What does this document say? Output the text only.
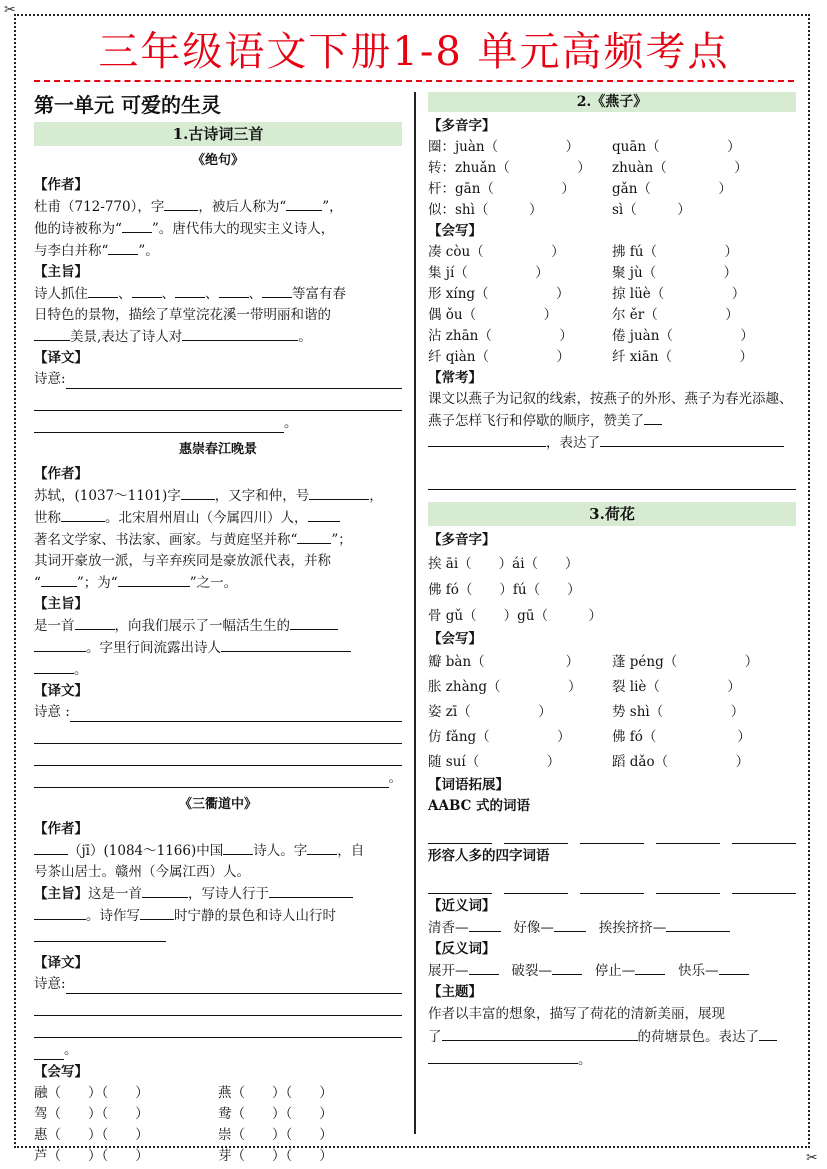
✂
✂
三年级语文下册1-8 单元高频考点
第一单元 可爱的生灵
1.古诗词三首
《绝句》
【作者】

杜甫（712-770），字	，被后人称为“	”，
他的诗被称为“ ”。唐代伟大的现实主义诗人，
与李白并称“ ”。

【主旨】

诗人抓住 、 、 、 、 等富有春
日特色的景物，描绘了草堂浣花溪一带明丽和谐的
美景,表达了诗人对	。

【译文】
诗意:
。
惠崇春江晚景
【作者】

苏轼，(1037～1101)字	，又字和仲，号	，
世称	。北宋眉州眉山（今属四川）人，
著名文学家、书法家、画家。与黄庭坚并称“	”；
其词开豪放一派，与辛弃疾同是豪放派代表，并称
“	”；为“	”之一。

【主旨】

是一首	，向我们展示了一幅活生生的
。字里行间流露出诗人
。

【译文】
诗意 :
。
《三衢道中》
【作者】

（jī）(1084～1166)中国 诗人。字 ，自
号茶山居士。赣州（今属江西）人。

【主旨】这是一首	，写诗人行于
。诗作写	时宁静的景色和诗人山行时

【译文】
诗意:
。
【会写】
融（　　）（　　）	燕（　　）（　　）
驾（　　）（　　）	鸯（　　）（　　）
惠（　　）（　　）	崇（　　）（　　）
芦（　　）（　　）	芽（　　）（　　）
2.《燕子》
【多音字】
圈：juàn（　　　　　）	quān（　　　　　）
转：zhuǎn（　　　　　）	zhuàn（　　　　　）
杆：gān（　　　　　）	gǎn（　　　　　）
似：shì（　　　）	sì（　　　）
【会写】
凑 còu（　　　　　）	拂 fú（　　　　　）
集 jí（　　　　　）	聚 jù（　　　　　）
形 xíng（　　　　　）	掠 lüè（　　　　　）
偶 ǒu（　　　　　）	尔 ěr（　　　　　）
沾 zhān（　　　　　）	倦 juàn（　　　　　）
纤 qiàn（　　　　　）	纤 xiān（　　　　　）
【常考】

课文以燕子为记叙的线索，按燕子的外形、燕子为春光添趣、燕子怎样飞行和停歇的顺序，赞美了
，表达了

3.荷花
【多音字】
挨 āi（　　）ái（　　）
佛 fó（　　）fú（　　）
骨 gǔ（　　）gū（　　　）
【会写】
瓣 bàn（　　　　　　）	蓬 péng（　　　　　）
胀 zhàng（　　　　　）	裂 liè（　　　　　）
姿 zī（　　　　　）	势 shì（　　　　　）
仿 fǎng（　　　　　）	佛 fó（　　　　　　）
随 suí（　　　　　）	蹈 dǎo（　　　　　）
【词语拓展】
AABC 式的词语
形容人多的四字词语
【近义词】

清香—	好像—	挨挨挤挤—

【反义词】

展开—	破裂—	停止—	快乐—

【主题】

作者以丰富的想象，描写了荷花的清新美丽，展现
了	的荷塘景色。表达了
。
